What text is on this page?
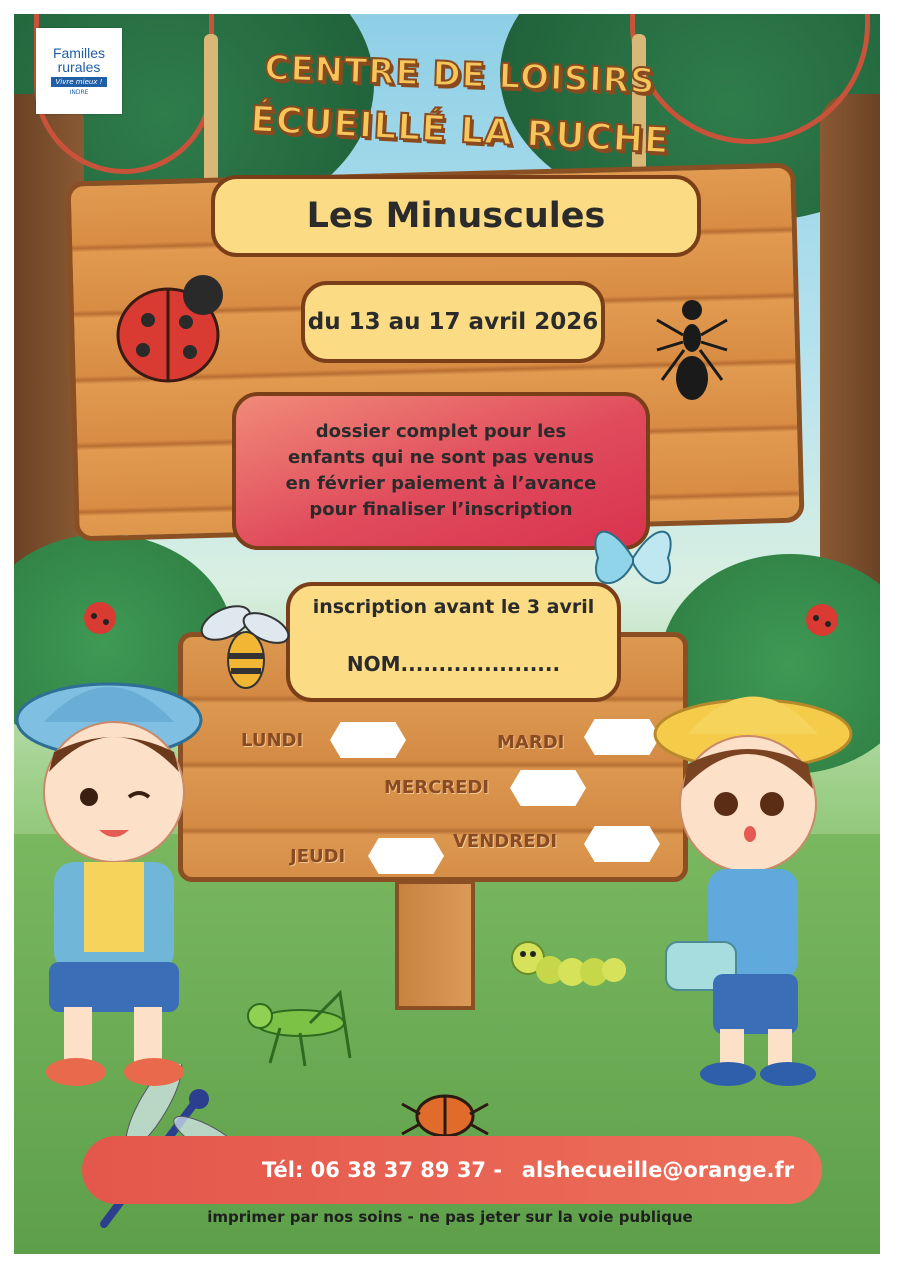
Familles rurales
Vivre mieux !
INDRE	CENTRE DE LOISIRS
ÉCUEILLÉ LA RUCHE
Les Minuscules
du 13 au 17 avril 2026
dossier complet pour les enfants qui ne sont pas venus en février paiement à l’avance pour finaliser l’inscription
inscription avant le 3 avril
NOM.....................
LUNDI	MARDI
MERCREDI
JEUDI
VENDREDI
Tél: 06 38 37 89 37 - alshecueille@orange.fr
imprimer par nos soins - ne pas jeter sur la voie publique
